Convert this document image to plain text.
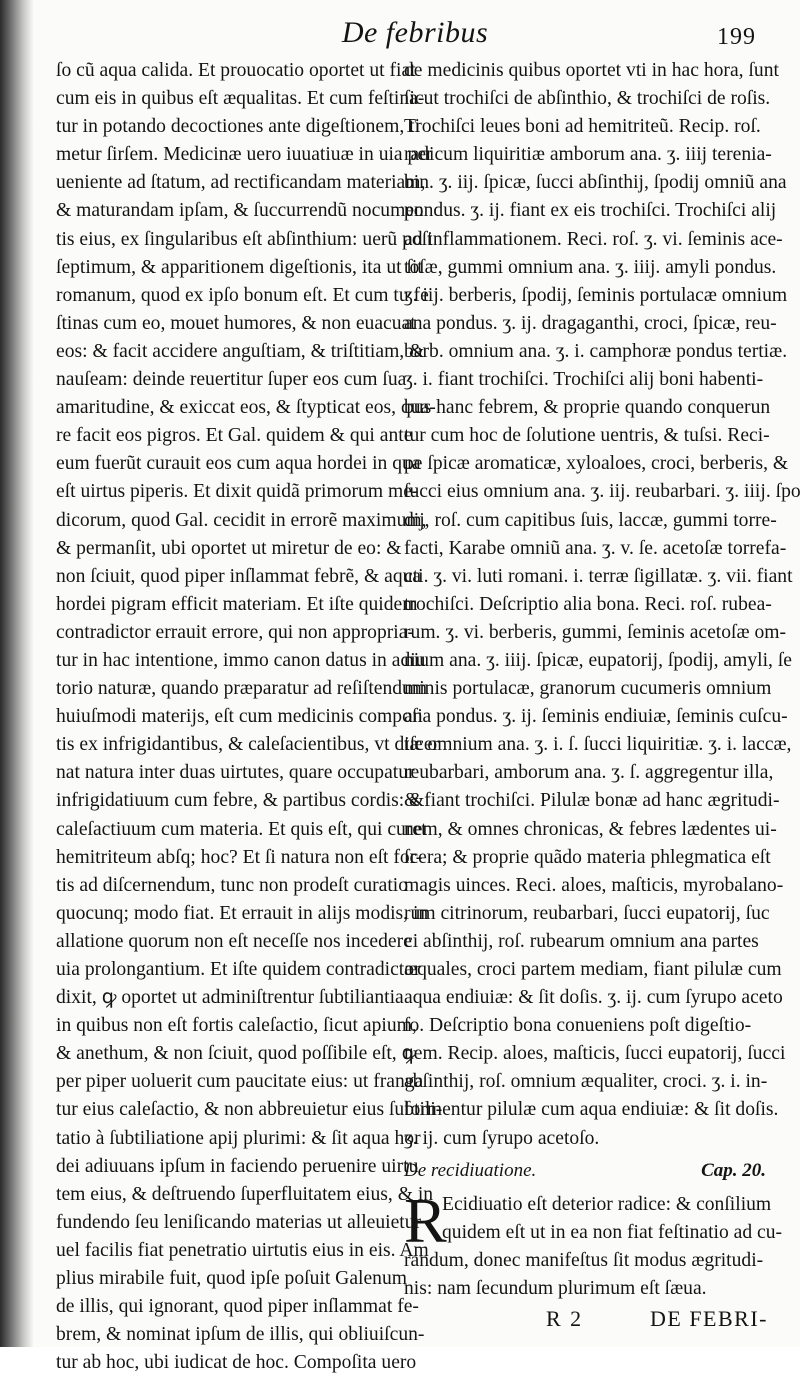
De febribus	199
ſo cũ aqua calida. Et prouocatio oportet ut fiat
cum eis in quibus eſt æqualitas. Et cum feſtina-
tur in potando decoctiones ante digeſtionem, ti
metur ſirſem. Medicinæ uero iuuatiuæ in uia per
ueniente ad ſtatum, ad rectificandam materiam,
& maturandam ipſam, & ſuccurrendũ nocumen
tis eius, ex ſingularibus eſt abſinthium: uerũ poſt
ſeptimum, & apparitionem digeſtionis, ita ut ſit
romanum, quod ex ipſo bonum eſt. Et cum tu fe
ſtinas cum eo, mouet humores, & non euacuat
eos: & facit accidere anguſtiam, & triſtitiam, &
nauſeam: deinde reuertitur ſuper eos cum ſua
amaritudine, & exiccat eos, & ſtypticat eos, qua-
re facit eos pigros. Et Gal. quidem & qui ante
eum fuerũt curauit eos cum aqua hordei in qua
eſt uirtus piperis. Et dixit quidã primorum me-
dicorum, quod Gal. cecidit in errorẽ maximum,
& permanſit, ubi oportet ut miretur de eo: &
non ſciuit, quod piper inſlammat febrẽ, & aqua
hordei pigram efficit materiam. Et iſte quidem
contradictor errauit errore, qui non appropria-
tur in hac intentione, immo canon datus in adiu
torio naturæ, quando præparatur ad reſiſtendum
huiuſmodi materijs, eſt cum medicinis compoſi
tis ex infrigidantibus, & caleſacientibus, vt diſcer
nat natura inter duas uirtutes, quare occupatur
infrigidatiuum cum febre, & partibus cordis: &
caleſactiuum cum materia. Et quis eſt, qui curet
hemitriteum abſq; hoc? Et ſi natura non eſt for-
tis ad diſcernendum, tunc non prodeſt curatio
quocunq; modo fiat. Et errauit in alijs modis, in
allatione quorum non eſt neceſſe nos incedere
uia prolongantium. Et iſte quidem contradictor
dixit, ꝙ oportet ut adminiſtrentur ſubtiliantia
in quibus non eſt fortis caleſactio, ſicut apium,
& anethum, & non ſciuit, quod poſſibile eſt, ꝙ
per piper uoluerit cum paucitate eius: ut franga
tur eius caleſactio, & non abbreuietur eius ſubtili-
tatio à ſubtiliatione apij plurimi: & ſit aqua hor
dei adiuuans ipſum in faciendo peruenire uirtu
tem eius, & deſtruendo ſuperfluitatem eius, & in
fundendo ſeu leniſicando materias ut alleuietur
uel facilis fiat penetratio uirtutis eius in eis. Am
plius mirabile fuit, quod ipſe poſuit Galenum
de illis, qui ignorant, quod piper inſlammat fe-
brem, & nominat ipſum de illis, qui obliuiſcun-
tur ab hoc, ubi iudicat de hoc. Compoſita uero
de medicinis quibus oportet vti in hac hora, ſunt
ſicut trochiſci de abſinthio, & trochiſci de roſis.
Trochiſci leues boni ad hemitriteũ. Recip. roſ.
radicum liquiritiæ amborum ana. ʒ. iiij tereniа-
bin. ʒ. iij. ſpicæ, ſucci abſinthij, ſpodij omniũ ana
pondus. ʒ. ij. fiant ex eis trochiſci. Trochiſci alij
ad inflammationem. Reci. roſ. ʒ. vi. ſeminis ace-
toſæ, gummi omnium ana. ʒ. iiij. amyli pondus.
ʒ. iij. berberis, ſpodij, ſeminis portulacæ omnium
ana pondus. ʒ. ij. dragaganthi, croci, ſpicæ, reu-
barb. omnium ana. ʒ. i. camphoræ pondus tertiæ.
ʒ. i. fiant trochiſci. Trochiſci alij boni habenti-
bus hanc febrem, & proprie quando conquerun
tur cum hoc de ſolutione uentris, & tuſsi. Reci-
pe ſpicæ aromaticæ, xyloaloes, croci, berberis, &
ſucci eius omnium ana. ʒ. iij. reubarbari. ʒ. iiij. ſpo
dij, roſ. cum capitibus ſuis, laccæ, gummi torre-
facti, Karabe omniũ ana. ʒ. v. ſe. acetoſæ torrefa-
cti. ʒ. vi. luti romani. i. terræ ſigillatæ. ʒ. vii. fiant
trochiſci. Deſcriptio alia bona. Reci. roſ. rubea-
rum. ʒ. vi. berberis, gummi, ſeminis acetoſæ om-
nium ana. ʒ. iiij. ſpicæ, eupatorij, ſpodij, amyli, ſe
minis portulacæ, granorum cucumeris omnium
ana pondus. ʒ. ij. ſeminis endiuiæ, ſeminis cuſcu-
tæ omnium ana. ʒ. i. ſ. ſucci liquiritiæ. ʒ. i. laccæ,
reubarbari, amborum ana. ʒ. ſ. aggregentur illa,
& fiant trochiſci. Pilulæ bonæ ad hanc ægritudi-
nem, & omnes chronicas, & febres lædentes ui-
ſcera; & proprie quãdo materia phlegmatica eſt
magis uinces. Reci. aloes, maſticis, myrobalano-
rum citrinorum, reubarbari, ſucci eupatorij, ſuc
ci abſinthij, roſ. rubearum omnium ana partes
æquales, croci partem mediam, fiant pilulæ cum
aqua endiuiæ: & ſit doſis. ʒ. ij. cum ſyrupo aceto
ſo. Deſcriptio bona conueniens poſt digeſtio-
nem. Recip. aloes, maſticis, ſucci eupatorij, ſucci
abſinthij, roſ. omnium æqualiter, croci. ʒ. i. in-
formentur pilulæ cum aqua endiuiæ: & ſit doſis.
ʒ. ij. cum ſyrupo acetoſo.
De recidiuatione.	Cap. 20.
R
Ecidiuatio eſt deterior radice: & conſilium
quidem eſt ut in ea non fiat feſtinatio ad cu-
randum, donec manifeſtus ſit modus ægritudi-
nis: nam ſecundum plurimum eſt ſæua.
R 2	DE FEBRI-
